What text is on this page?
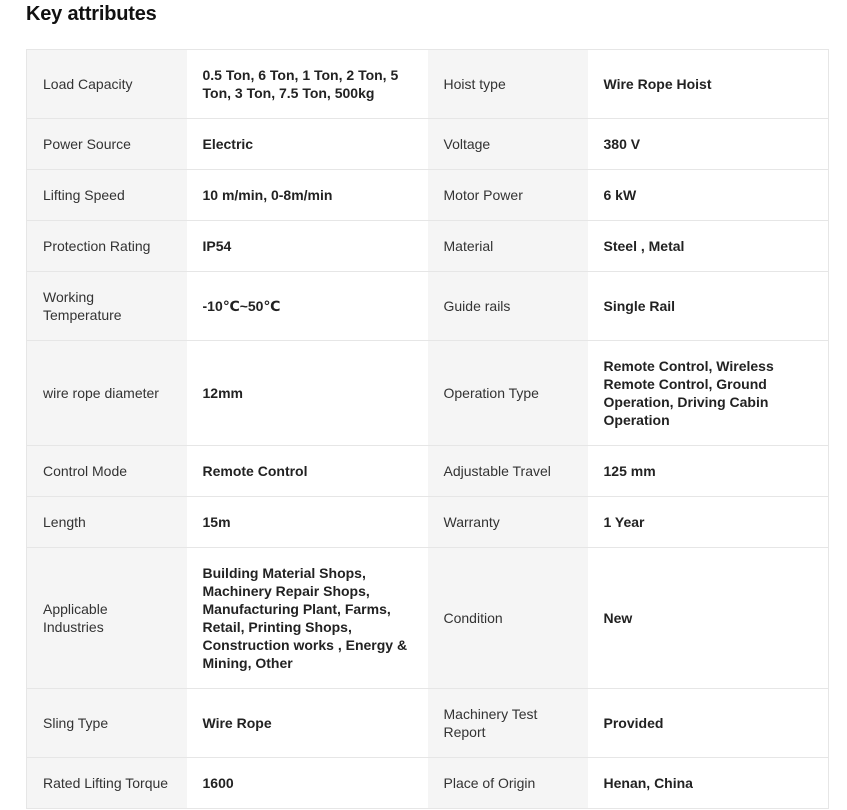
Key attributes
Load Capacity	0.5 Ton, 6 Ton, 1 Ton, 2 Ton, 5 Ton, 3 Ton, 7.5 Ton, 500kg	Hoist type	Wire Rope Hoist
Power Source	Electric	Voltage	380 V
Lifting Speed	10 m/min, 0-8m/min	Motor Power	6 kW
Protection Rating	IP54	Material	Steel , Metal
Working Temperature	-10℃~50℃	Guide rails	Single Rail
wire rope diameter	12mm	Operation Type	Remote Control, Wireless Remote Control, Ground Operation, Driving Cabin Operation
Control Mode	Remote Control	Adjustable Travel	125 mm
Length	15m	Warranty	1 Year
Applicable Industries	Building Material Shops, Machinery Repair Shops, Manufacturing Plant, Farms, Retail, Printing Shops, Construction works , Energy & Mining, Other	Condition	New
Sling Type	Wire Rope	Machinery Test Report	Provided
Rated Lifting Torque	1600	Place of Origin	Henan, China
